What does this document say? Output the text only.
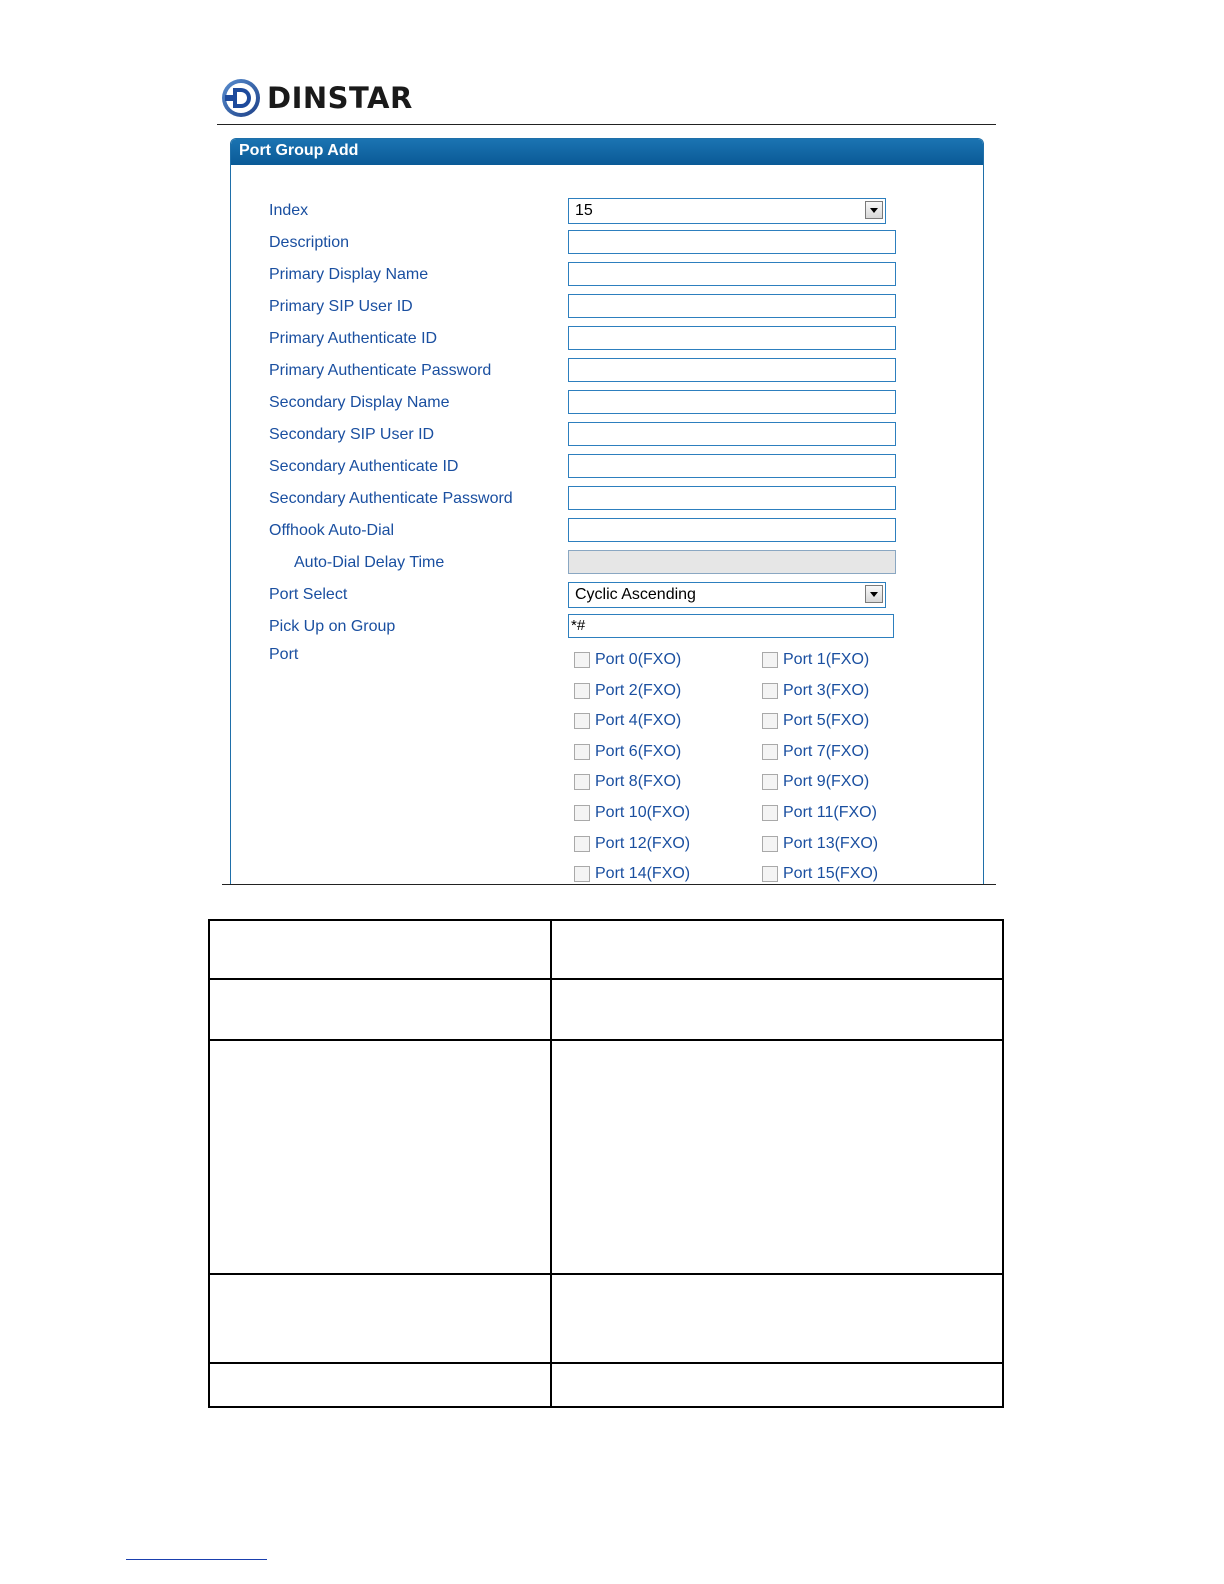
DINSTAR
Port Group Add
Index	15
Description
Primary Display Name
Primary SIP User ID
Primary Authenticate ID
Primary Authenticate Password
Secondary Display Name
Secondary SIP User ID
Secondary Authenticate ID
Secondary Authenticate Password
Offhook Auto-Dial
Auto-Dial Delay Time
Port Select	Cyclic Ascending
Pick Up on Group	*#
Port	Port 0(FXO)	Port 1(FXO)
Port 2(FXO)	Port 3(FXO)
Port 4(FXO)	Port 5(FXO)
Port 6(FXO)	Port 7(FXO)
Port 8(FXO)	Port 9(FXO)
Port 10(FXO)	Port 11(FXO)
Port 12(FXO)	Port 13(FXO)
Port 14(FXO)	Port 15(FXO)
